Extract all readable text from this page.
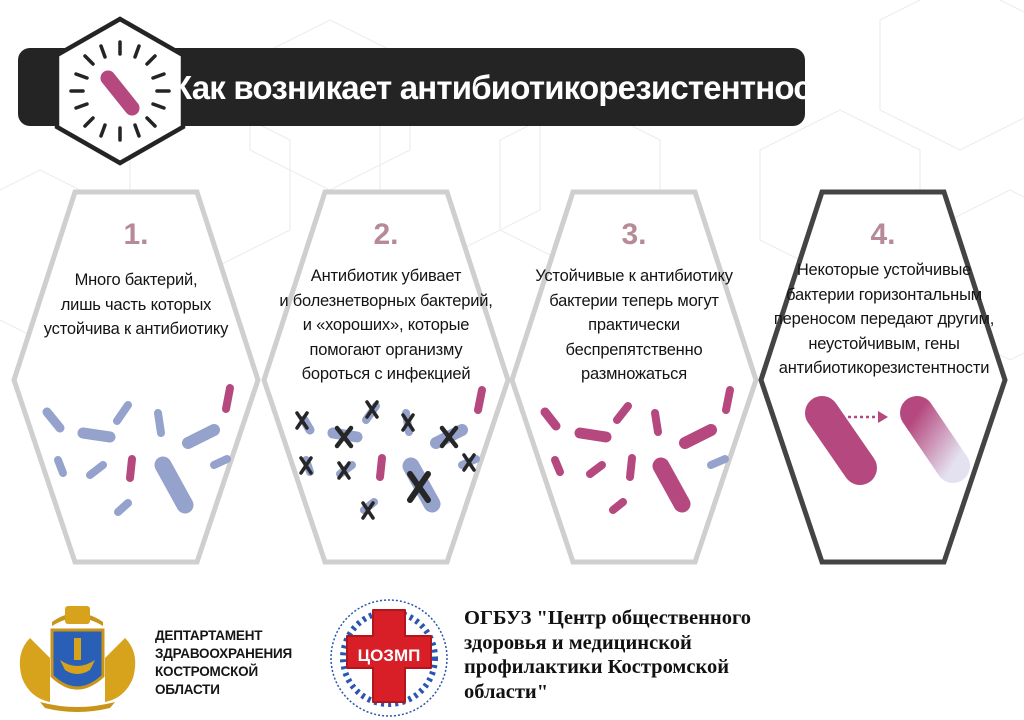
Как возникает антибиотикорезистентность
1.	2.	3.	4.
Много бактерий,
лишь часть которых
устойчива к антибиотику
Антибиотик убивает
и болезнетворных бактерий,
и «хороших», которые
помогают организму
бороться с инфекцией
Устойчивые к антибиотику
бактерии теперь могут
практически
беспрепятственно
размножаться
Некоторые устойчивые
бактерии горизонтальным
переносом передают другим,
неустойчивым, гены
антибиотикорезистентности
ДЕПТАРТАМЕНТ
ЗДРАВООХРАНЕНИЯ
КОСТРОМСКОЙ ОБЛАСТИ
ЦОЗМП
ОГБУЗ "Центр общественного
здоровья и медицинской
профилактики Костромской
области"
